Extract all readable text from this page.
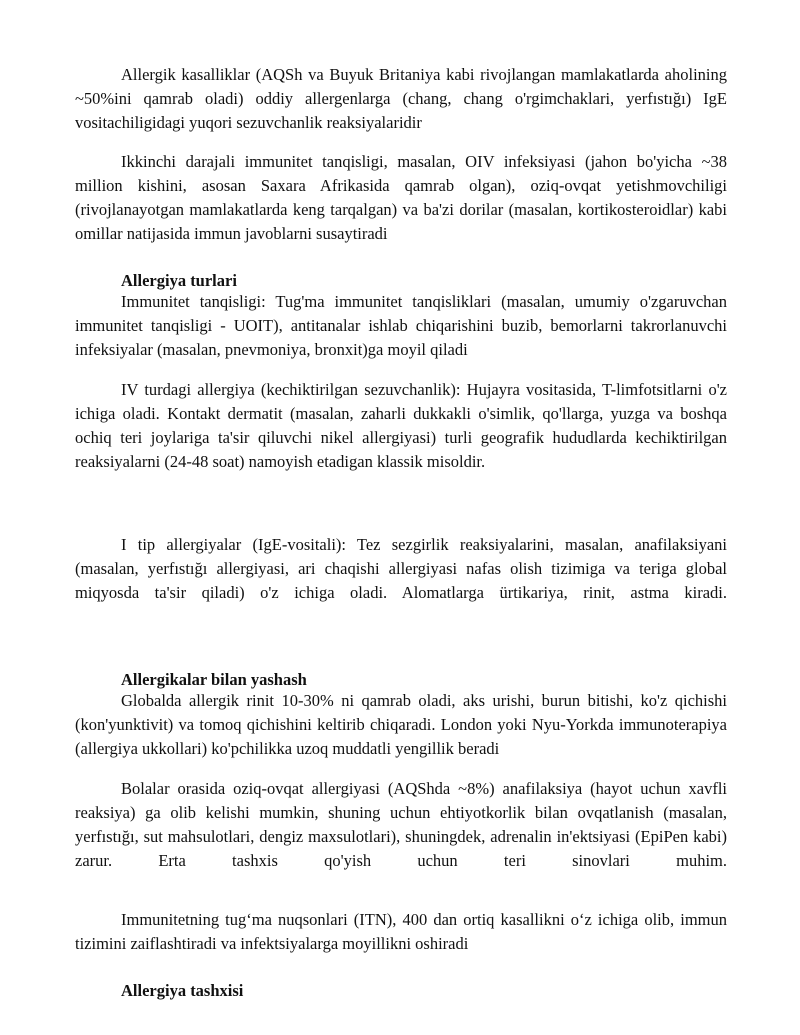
Allergik kasalliklar (AQSh va Buyuk Britaniya kabi rivojlangan mamlakatlarda aholining ~50%ini qamrab oladi) oddiy allergenlarga (chang, chang o'rgimchaklari, yerfıstığı) IgE vositachiligidagi yuqori sezuvchanlik reaksiyalaridir

Ikkinchi darajali immunitet tanqisligi, masalan, OIV infeksiyasi (jahon bo'yicha ~38 million kishini, asosan Saxara Afrikasida qamrab olgan), oziq-ovqat yetishmovchiligi (rivojlanayotgan mamlakatlarda keng tarqalgan) va ba'zi dorilar (masalan, kortikosteroidlar) kabi omillar natijasida immun javoblarni susaytiradi

Allergiya turlari

Immunitet tanqisligi: Tug'ma immunitet tanqisliklari (masalan, umumiy o'zgaruvchan immunitet tanqisligi - UOIT), antitanalar ishlab chiqarishini buzib, bemorlarni takrorlanuvchi infeksiyalar (masalan, pnevmoniya, bronxit)ga moyil qiladi

IV turdagi allergiya (kechiktirilgan sezuvchanlik): Hujayra vositasida, T-limfotsitlarni o'z ichiga oladi. Kontakt dermatit (masalan, zaharli dukkakli o'simlik, qo'llarga, yuzga va boshqa ochiq teri joylariga ta'sir qiluvchi nikel allergiyasi) turli geografik hududlarda kechiktirilgan reaksiyalarni (24-48 soat) namoyish etadigan klassik misoldir.

I tip allergiyalar (IgE-vositali): Tez sezgirlik reaksiyalarini, masalan, anafilaksiyani (masalan, yerfıstığı allergiyasi, ari chaqishi allergiyasi nafas olish tizimiga va teriga global miqyosda ta'sir qiladi) o'z ichiga oladi. Alomatlarga ürtikariya, rinit, astma kiradi.

Allergikalar bilan yashash

Globalda allergik rinit 10-30% ni qamrab oladi, aks urishi, burun bitishi, ko'z qichishi (kon'yunktivit) va tomoq qichishini keltirib chiqaradi. London yoki Nyu-Yorkda immunoterapiya (allergiya ukkollari) ko'pchilikka uzoq muddatli yengillik beradi

Bolalar orasida oziq-ovqat allergiyasi (AQShda ~8%) anafilaksiya (hayot uchun xavfli reaksiya) ga olib kelishi mumkin, shuning uchun ehtiyotkorlik bilan ovqatlanish (masalan, yerfıstığı, sut mahsulotlari, dengiz maxsulotlari), shuningdek, adrenalin in'ektsiyasi (EpiPen kabi) zarur. Erta tashxis qo'yish uchun teri sinovlari muhim.

Immunitetning tug‘ma nuqsonlari (ITN), 400 dan ortiq kasallikni o‘z ichiga olib, immun tizimini zaiflashtiradi va infektsiyalarga moyillikni oshiradi

Allergiya tashxisi
